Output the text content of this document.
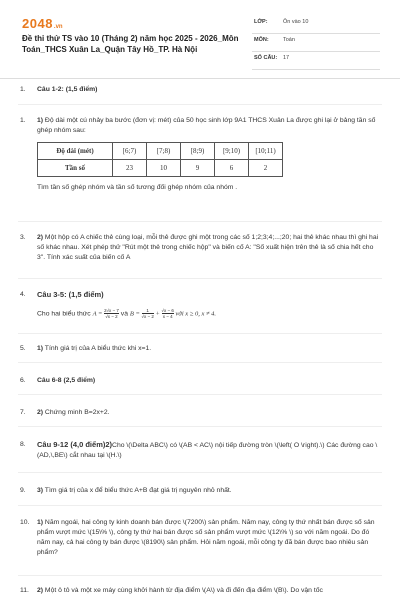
2048.vn
Đề thi thử TS vào 10 (Tháng 2) năm học 2025 - 2026_Môn Toán_THCS Xuân La_Quận Tây Hồ_TP. Hà Nội
LỚP:	Ôn vào 10
MÔN:	Toán
SỐ CÂU: 17
1.	Câu 1-2: (1,5 điểm)
1.	1) Độ dài một cú nhảy ba bước (đơn vị: mét) của 50 học sinh lớp 9A1 THCS Xuân La được ghi lại ở bảng tần số ghép nhóm sau:
Độ dài (mét)	[6;7)	[7;8)	[8;9)	[9;10)	[10;11)
Tần số	23	10	9	6	2
Tìm tần số ghép nhóm và tần số tương đối ghép nhóm của nhóm .
3.	2) Một hộp có A chiếc thẻ cùng loại, mỗi thẻ được ghi một trong các số 1;2;3;4;...;20; hai thẻ khác nhau thì ghi hai số khác nhau. Xét phép thử "Rút một thẻ trong chiếc hộp" và biến cố A: "Số xuất hiện trên thẻ là số chia hết cho 3". Tính xác suất của biến cố A
4.	Câu 3-5: (1,5 điểm)
Cho hai biểu thức $A = \frac{2√x - 7}{√x - 2}$ và $B = \frac{1}{√x - 2} + \frac{√x - 6}{x - 4}$ với x ≥ 0, x ≠ 4.
5.	1) Tính giá trị của A biểu thức khi x=1.
6.	Câu 6-8 (2,5 điểm)
7.	2) Chứng minh B=2x+2.
8.	Câu 9-12 (4,0 điểm)2)Cho \(\Delta ABC\) có \(AB < AC\) nội tiếp đường tròn \(\left( O \right).\) Các đường cao \(AD,\,BE\) cắt nhau tại \(H.\)
9.	3) Tìm giá trị của x để biểu thức A+B đạt giá trị nguyên nhỏ nhất.
10.	1) Năm ngoái, hai công ty kinh doanh bán được \(7200\) sản phẩm. Năm nay, công ty thứ nhất bán được số sản phẩm vượt mức \(15\% \), công ty thứ hai bán được số sản phẩm vượt mức \(12\% \) so với năm ngoái. Do đó năm nay, cả hai công ty bán được \(8190\) sản phẩm. Hỏi năm ngoái, mỗi công ty đã bán được bao nhiêu sản phẩm?
11.	2) Một ô tô và một xe máy cùng khởi hành từ địa điểm \(A\) và đi đến địa điểm \(B\). Do vận tốc
